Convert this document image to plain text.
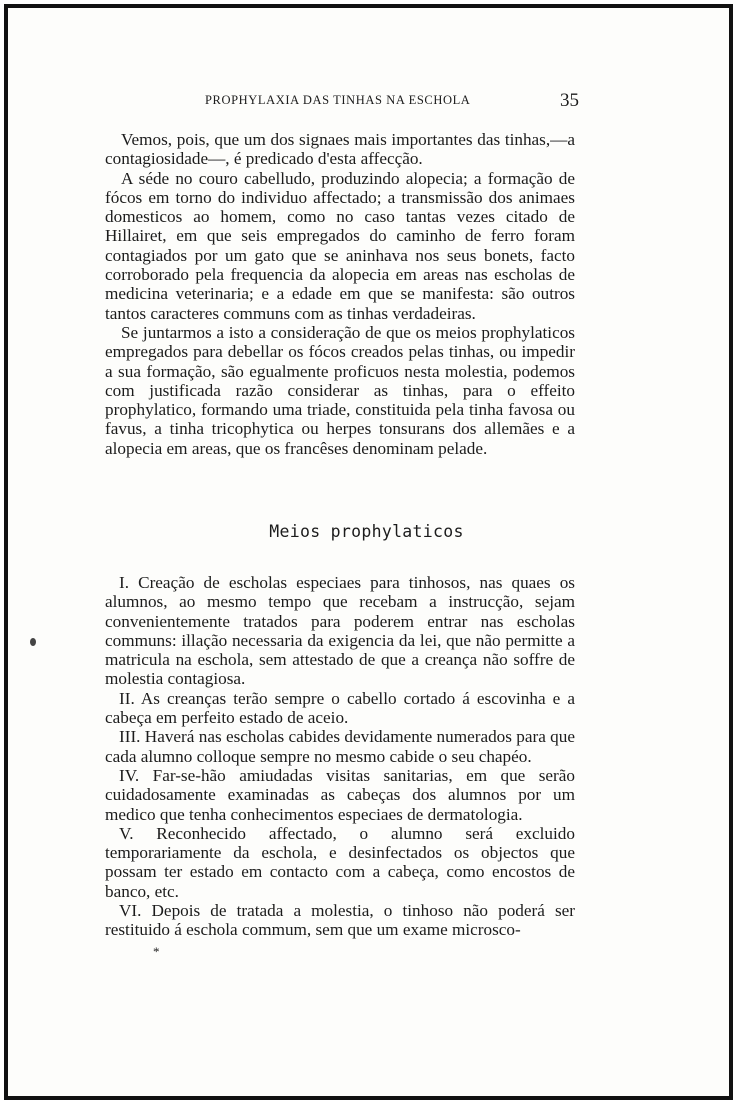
PROPHYLAXIA DAS TINHAS NA ESCHOLA	35

Vemos, pois, que um dos signaes mais importantes das tinhas,—a contagiosidade—, é predicado d'esta affecção.

A séde no couro cabelludo, produzindo alopecia; a formação de fócos em torno do individuo affectado; a transmissão dos animaes domesticos ao homem, como no caso tantas vezes citado de Hillairet, em que seis empregados do caminho de ferro foram contagiados por um gato que se aninhava nos seus bonets, facto corroborado pela frequencia da alopecia em areas nas escholas de medicina veterinaria; e a edade em que se manifesta: são outros tantos caracteres communs com as tinhas verdadeiras.

Se juntarmos a isto a consideração de que os meios prophylaticos empregados para debellar os fócos creados pelas tinhas, ou impedir a sua formação, são egualmente proficuos nesta molestia, podemos com justificada razão considerar as tinhas, para o effeito prophylatico, formando uma triade, constituida pela tinha favosa ou favus, a tinha tricophytica ou herpes tonsurans dos allemães e a alopecia em areas, que os francêses denominam pelade.

Meios prophylaticos

I. Creação de escholas especiaes para tinhosos, nas quaes os alumnos, ao mesmo tempo que recebam a instrucção, sejam convenientemente tratados para poderem entrar nas escholas communs: illação necessaria da exigencia da lei, que não permitte a matricula na eschola, sem attestado de que a creança não soffre de molestia contagiosa.

II. As creanças terão sempre o cabello cortado á escovinha e a cabeça em perfeito estado de aceio.

III. Haverá nas escholas cabides devidamente numerados para que cada alumno colloque sempre no mesmo cabide o seu chapéo.

IV. Far-se-hão amiudadas visitas sanitarias, em que serão cuidadosamente examinadas as cabeças dos alumnos por um medico que tenha conhecimentos especiaes de dermatologia.

V. Reconhecido affectado, o alumno será excluido temporariamente da eschola, e desinfectados os objectos que possam ter estado em contacto com a cabeça, como encostos de banco, etc.

VI. Depois de tratada a molestia, o tinhoso não poderá ser restituido á eschola commum, sem que um exame microsco-

*
